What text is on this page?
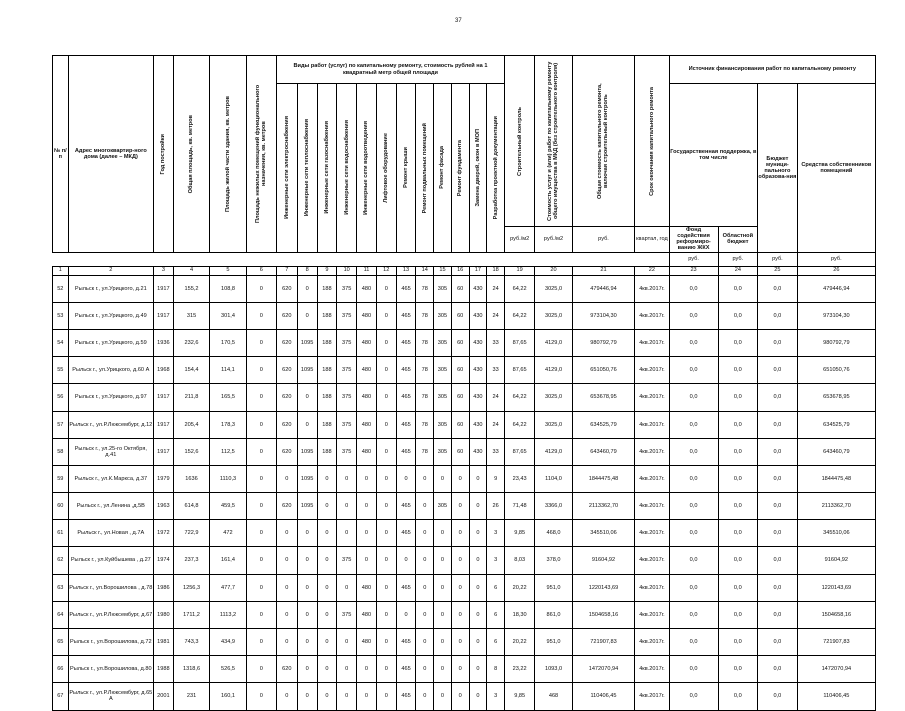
37
№ п/п	Адрес многоквартир-ного дома (далее – МКД)	Год постройки	Общая площадь, кв. метров	Площадь жилой части здания, кв. метров	Площадь нежилых помещений функционального назначения, кв. метров	Виды работ (услуг) по капитальному ремонту, стоимость рублей на 1 квадратный метр общей площади												Строительный контроль	Стоимость услуг и (или) работ по капитальному ремонту общего имущества в МКД (без строительного контроля)	Общая стоимость капитального ремонта, включая строительный контроль	Срок окончания капитального ремонта	Источник финансирования работ по капитальному ремонту			

						Инженерные сети электроснабжения	Инженерные сети теплоснабжения	Инженерные сети газоснабжения	Инженерные сети водоснабжения	Инженерные сети водоотведения	Лифтовое оборудование	Ремонт крыши	Ремонт подвальных помещений	Ремонт фасада	Ремонт фундамента	Замена дверей, окон в МОП	Разработка проектной документации					Государственная поддержка, в том числе		Бюджет муници-пального образова-ния	Средства собственников помещений
																		руб./м2	руб./м2	руб.	квартал, год	Фонд содействия реформиро-ванию ЖКХ	Областной бюджет		
																						руб.	руб.	руб.	руб.
1	2	3	4	5	6	7	8	9	10	11	12	13	14	15	16	17	18	19	20	21	22	23	24	25	26
52	Рыльск г., ул.Урицкого, д.21	1917	155,2	108,8	0	620	0	188	375	480	0	465	78	305	60	430	24	64,22	3025,0	479446,94	4кв.2017г.	0,0	0,0	0,0	479446,94
53	Рыльск г., ул.Урицкого, д.49	1917	315	301,4	0	620	0	188	375	480	0	465	78	305	60	430	24	64,22	3025,0	973104,30	4кв.2017г.	0,0	0,0	0,0	973104,30
54	Рыльск г., ул.Урицкого, д.59	1936	232,6	170,5	0	620	1095	188	375	480	0	465	78	305	60	430	33	87,65	4129,0	980792,79	4кв.2017г.	0,0	0,0	0,0	980792,79
55	Рыльск г., ул.Урицкого, д.60 А	1968	154,4	114,1	0	620	1095	188	375	480	0	465	78	305	60	430	33	87,65	4129,0	651050,76	4кв.2017г.	0,0	0,0	0,0	651050,76
56	Рыльск г., ул.Урицкого, д.97	1917	211,8	165,5	0	620	0	188	375	480	0	465	78	305	60	430	24	64,22	3025,0	653678,95	4кв.2017г.	0,0	0,0	0,0	653678,95
57	Рыльск г., ул.Р.Люксембург, д.12	1917	205,4	178,3	0	620	0	188	375	480	0	465	78	305	60	430	24	64,22	3025,0	634525,79	4кв.2017г.	0,0	0,0	0,0	634525,79
58	Рыльск г., ул.25-го Октября, д.41	1917	152,6	112,5	0	620	1095	188	375	480	0	465	78	305	60	430	33	87,65	4129,0	643460,79	4кв.2017г.	0,0	0,0	0,0	643460,79
59	Рыльск г., ул.К.Маркса, д.37	1979	1636	1110,3	0	0	1095	0	0	0	0	0	0	0	0	0	9	23,43	1104,0	1844475,48	4кв.2017г.	0,0	0,0	0,0	1844475,48
60	Рыльск г., ул.Ленина ,д.5В	1963	614,8	459,5	0	620	1095	0	0	0	0	465	0	305	0	0	26	71,48	3366,0	2113362,70	4кв.2017г.	0,0	0,0	0,0	2113362,70
61	Рыльск г., ул.Новая , д.7А	1972	722,9	472	0	0	0	0	0	0	0	465	0	0	0	0	3	9,85	468,0	345510,06	4кв.2017г.	0,0	0,0	0,0	345510,06
62	Рыльск г., ул.Куйбышева , д.27	1974	237,3	161,4	0	0	0	0	375	0	0	0	0	0	0	0	3	8,03	378,0	91604,92	4кв.2017г.	0,0	0,0	0,0	91604,92
63	Рыльск г., ул.Ворошилова , д.78	1986	1256,3	477,7	0	0	0	0	0	480	0	465	0	0	0	0	6	20,22	951,0	1220143,69	4кв.2017г.	0,0	0,0	0,0	1220143,69
64	Рыльск г., ул.Р.Люксембург, д.67	1980	1711,2	1113,2	0	0	0	0	375	480	0	0	0	0	0	0	6	18,30	861,0	1504658,16	4кв.2017г.	0,0	0,0	0,0	1504658,16
65	Рыльск г., ул.Ворошилова, д.72	1981	743,3	434,9	0	0	0	0	0	480	0	465	0	0	0	0	6	20,22	951,0	721907,83	4кв.2017г.	0,0	0,0	0,0	721907,83
66	Рыльск г., ул.Ворошилова, д.80	1988	1318,6	526,5	0	620	0	0	0	0	0	465	0	0	0	0	8	23,22	1093,0	1472070,94	4кв.2017г.	0,0	0,0	0,0	1472070,94
67	Рыльск г., ул.Р.Люксембург, д.65 А	2001	231	160,1	0	0	0	0	0	0	0	465	0	0	0	0	3	9,85	468	110406,45	4кв.2017г.	0,0	0,0	0,0	110406,45
